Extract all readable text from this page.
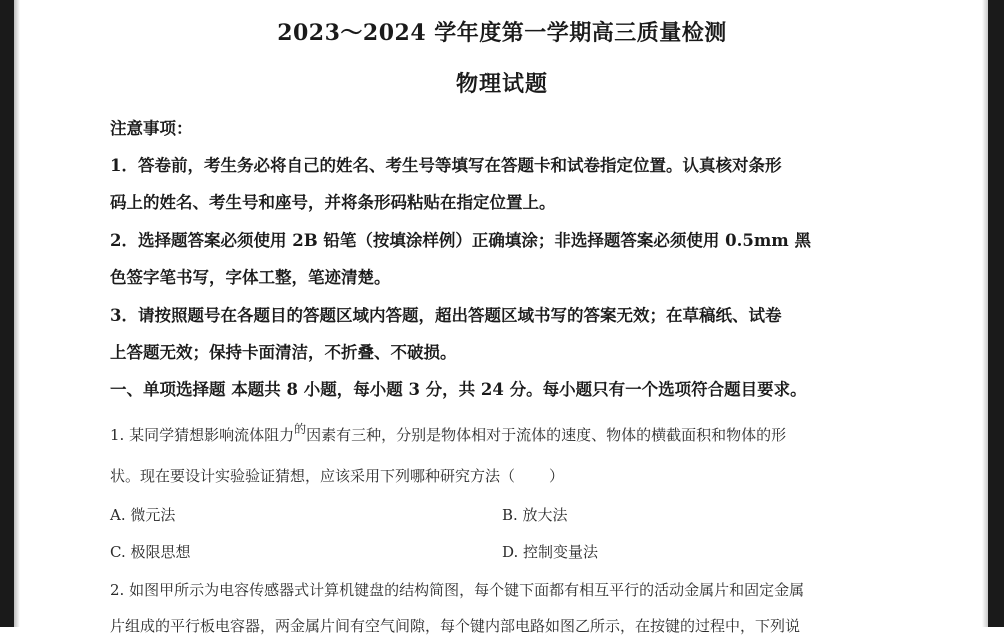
2023～2024 学年度第一学期高三质量检测
物理试题
注意事项：
1．答卷前，考生务必将自己的姓名、考生号等填写在答题卡和试卷指定位置。认真核对条形
码上的姓名、考生号和座号，并将条形码粘贴在指定位置上。
2．选择题答案必须使用 2B 铅笔（按填涂样例）正确填涂；非选择题答案必须使用 0.5mm 黑
色签字笔书写，字体工整，笔迹清楚。
3．请按照题号在各题目的答题区域内答题，超出答题区域书写的答案无效；在草稿纸、试卷
上答题无效；保持卡面清洁，不折叠、不破损。
一、单项选择题 本题共 8 小题，每小题 3 分，共 24 分。每小题只有一个选项符合题目要求。
1. 某同学猜想影响流体阻力$^的$因素有三种，分别是物体相对于流体的速度、物体的横截面积和物体的形
状。现在要设计实验验证猜想，应该采用下列哪种研究方法（ ）
A. 微元法	B. 放大法
C. 极限思想	D. 控制变量法
2. 如图甲所示为电容传感器式计算机键盘的结构简图，每个键下面都有相互平行的活动金属片和固定金属
片组成的平行板电容器，两金属片间有空气间隙，每个键内部电路如图乙所示，在按键的过程中，下列说
